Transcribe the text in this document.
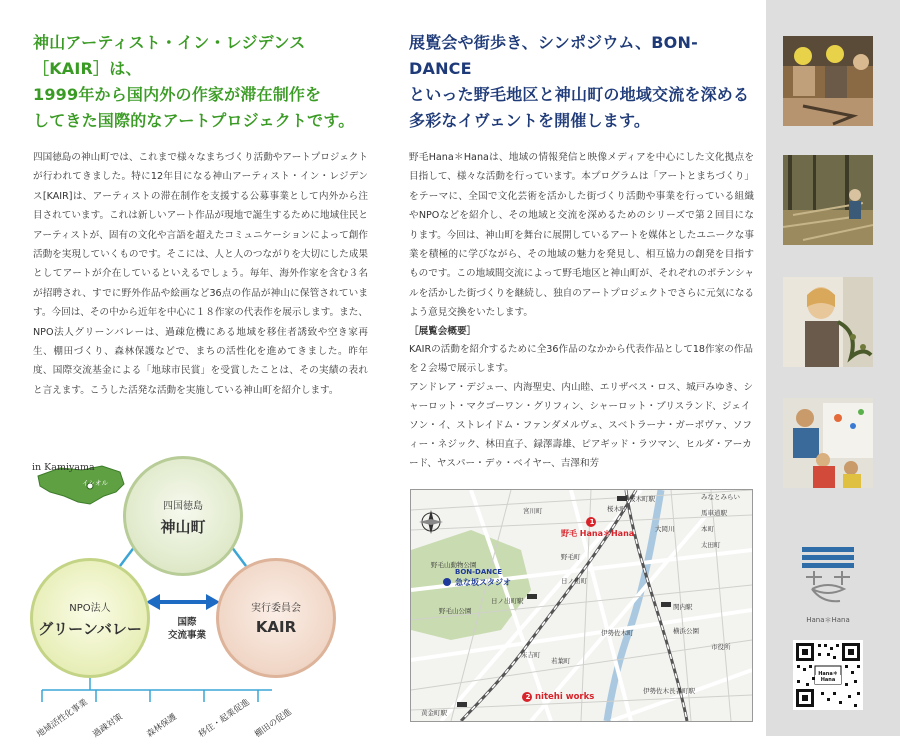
神山アーティスト・イン・レジデンス［KAIR］は、
1999年から国内外の作家が滞在制作を
してきた国際的なアートプロジェクトです。

四国徳島の神山町では、これまで様々なまちづくり活動やアートプロジェクトが行われてきました。特に12年目になる神山アーティスト・イン・レジデンス[KAIR]は、アーティストの滞在制作を支援する公募事業として内外から注目されています。これは新しいアート作品が現地で誕生するために地域住民とアーティストが、固有の文化や言語を超えたコミュニケーションによって創作活動を実現していくものです。そこには、人と人のつながりを大切にした成果としてアートが介在しているといえるでしょう。毎年、海外作家を含む３名が招聘され、すでに野外作品や絵画など36点の作品が神山に保管されています。今回は、その中から近年を中心に１８作家の代表作を展示します。また、NPO法人グリーンバレーは、過疎危機にある地域を移住者誘致や空き家再生、棚田づくり、森林保護などで、まちの活性化を進めてきました。昨年度、国際交流基金による「地球市民賞」を受賞したことは、その実績の表れと言えます。こうした活発な活動を実施している神山町を紹介します。

in Kamiyama
イシオル
四国徳島
神山町
NPO法人
グリーンバレー
実行委員会
KAIR
国際
交流事業
地域活性化事業 過疎対策 森林保護 移住・起業促進 棚田の促進

展覧会や街歩き、シンポジウム、BON-DANCE
といった野毛地区と神山町の地域交流を深める
多彩なイヴェントを開催します。

野毛Hana＊Hanaは、地域の情報発信と映像メディアを中心にした文化拠点を目指して、様々な活動を行っています。本プログラムは「アートとまちづくり」をテーマに、全国で文化芸術を活かした街づくり活動や事業を行っている組織やNPOなどを紹介し、その地域と交流を深めるためのシリーズで第２回目になります。今回は、神山町を舞台に展開しているアートを媒体としたユニークな事業を積極的に学びながら、その地域の魅力を発見し、相互協力の創発を目指すものです。この地域間交流によって野毛地区と神山町が、それぞれのポテンシャルを活かした街づくりを継続し、独自のアートプロジェクトでさらに元気になるよう意見交換をいたします。

［展覧会概要］

KAIRの活動を紹介するために全36作品のなかから代表作品として18作家の作品を２会場で展示します。

アンドレア・デジュー、内海聖史、内山睦、エリザベス・ロス、城戸みゆき、シャーロット・マクゴーワン・グリフィン、シャーロット・ブリスランド、ジェイソン・イ、ストレイドム・ファンダメルヴェ、スベトラーナ・ガーボヴァ、ソフィー・ネジック、林田直子、録澤壽雄、ピアギッド・ラツマン、ヒルダ・アーカード、ヤスパー・デゥ・ベイヤー、吉澤和芳

1
野毛 Hana＊Hana
2 nitehi works
BON-DANCE
急な坂スタジオ
桜木町駅	みなとみらい
馬車道駅
宮川町
野毛町
日ノ出町駅
野毛山動物公園
野毛山公園	関内駅
横浜公園
黄金町駅
伊勢佐木町
桜木町
大岡川
若葉町
末吉町
日ノ出町
伊勢佐木長者町駅
太田町
本町
市役所
Hana＊Hana
Hana＊Hana
